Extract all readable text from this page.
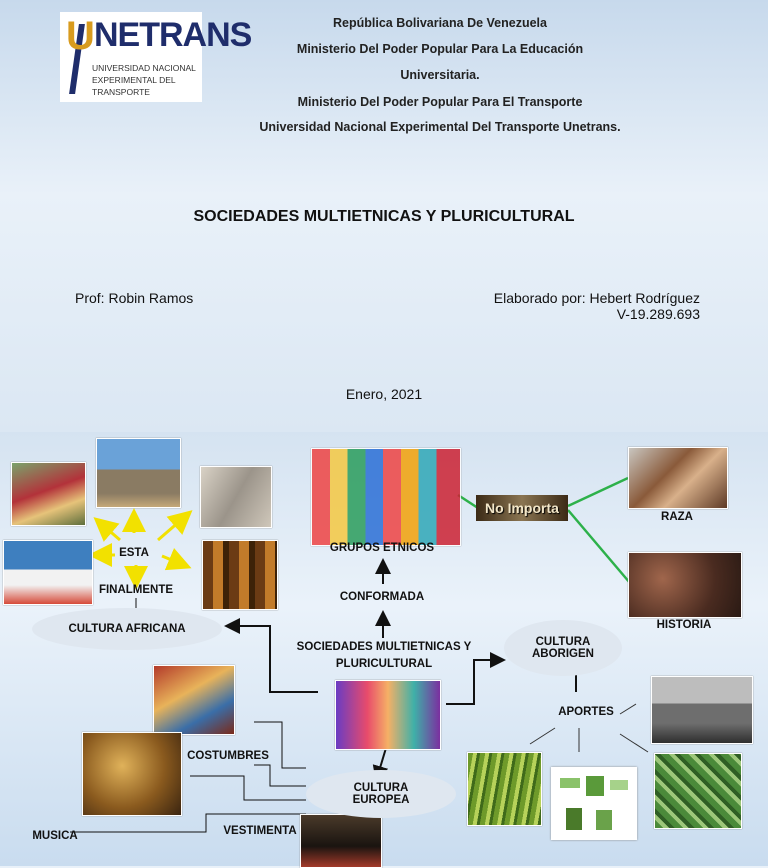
U NETRANS
UNIVERSIDAD NACIONAL
EXPERIMENTAL DEL TRANSPORTE
República Bolivariana De Venezuela
Ministerio Del Poder Popular Para La Educación
Universitaria.
Ministerio Del Poder Popular Para El Transporte
Universidad Nacional Experimental Del Transporte Unetrans.
SOCIEDADES MULTIETNICAS Y PLURICULTURAL
Prof: Robin Ramos	Elaborado por: Hebert Rodríguez
V-19.289.693
Enero, 2021
No Importa
CULTURA AFRICANA
CULTURA ABORIGEN
CULTURA EUROPEA
GRUPOS ETNICOS
CONFORMADA
SOCIEDADES MULTIETNICAS Y PLURICULTURAL
RAZA
HISTORIA
APORTES
ESTA
FINALMENTE
COSTUMBRES
VESTIMENTA
MUSICA
